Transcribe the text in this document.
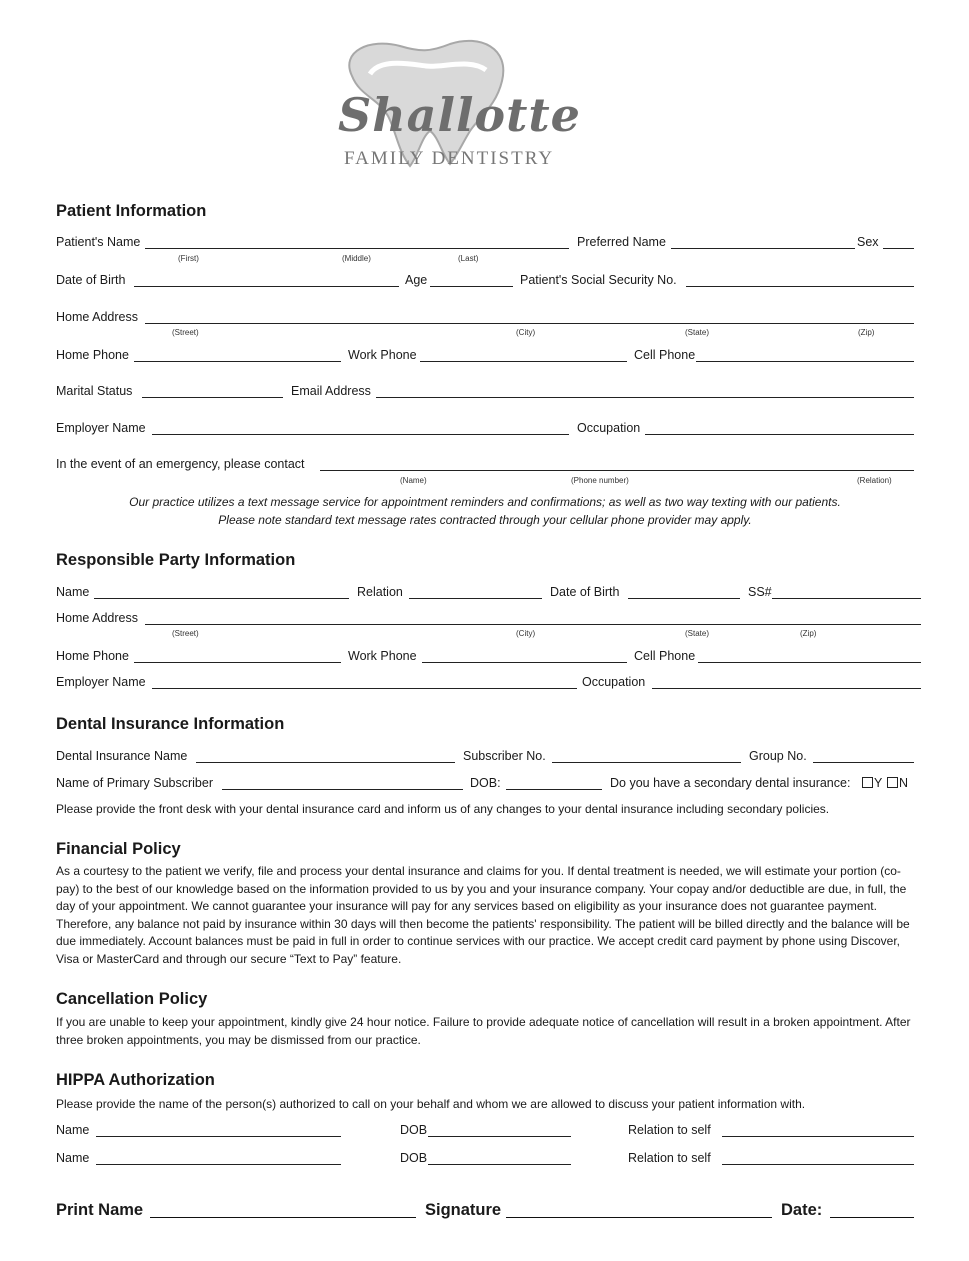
Shallotte
FAMILY DENTISTRY
Patient Information
Patient's Name
(First)	(Middle)	(Last)
Preferred Name	Sex
Date of Birth	Age	Patient's Social Security No.
Home Address
(Street)	(City)	(State)	(Zip)
Home Phone	Work Phone	Cell Phone
Marital Status	Email Address
Employer Name	Occupation
In the event of an emergency, please contact
(Name)	(Phone number)	(Relation)
Our practice utilizes a text message service for appointment reminders and confirmations; as well as two way texting with our patients.
Please note standard text message rates contracted through your cellular phone provider may apply.
Responsible Party Information
Name	Relation	Date of Birth	SS#
Home Address
(Street)	(City)	(State)	(Zip)
Home Phone	Work Phone	Cell Phone
Employer Name	Occupation
Dental Insurance Information
Dental Insurance Name	Subscriber No.	Group No.
Name of Primary Subscriber	DOB:	Do you have a secondary dental insurance:	Y	N
Please provide the front desk with your dental insurance card and inform us of any changes to your dental insurance including secondary policies.
Financial Policy
As a courtesy to the patient we verify, file and process your dental insurance and claims for you. If dental treatment is needed, we will estimate your portion (co-pay) to the best of our knowledge based on the information provided to us by you and your insurance company. Your copay and/or deductible are due, in full, the day of your appointment. We cannot guarantee your insurance will pay for any services based on eligibility as your insurance does not guarantee payment. Therefore, any balance not paid by insurance within 30 days will then become the patients' responsibility. The patient will be billed directly and the balance will be due immediately. Account balances must be paid in full in order to continue services with our practice. We accept credit card payment by phone using Discover, Visa or MasterCard and through our secure “Text to Pay” feature.
Cancellation Policy
If you are unable to keep your appointment, kindly give 24 hour notice. Failure to provide adequate notice of cancellation will result in a broken appointment. After three broken appointments, you may be dismissed from our practice.
HIPPA Authorization
Please provide the name of the person(s) authorized to call on your behalf and whom we are allowed to discuss your patient information with.
Name	DOB	Relation to self
Name	DOB	Relation to self
Print Name	Signature	Date:
